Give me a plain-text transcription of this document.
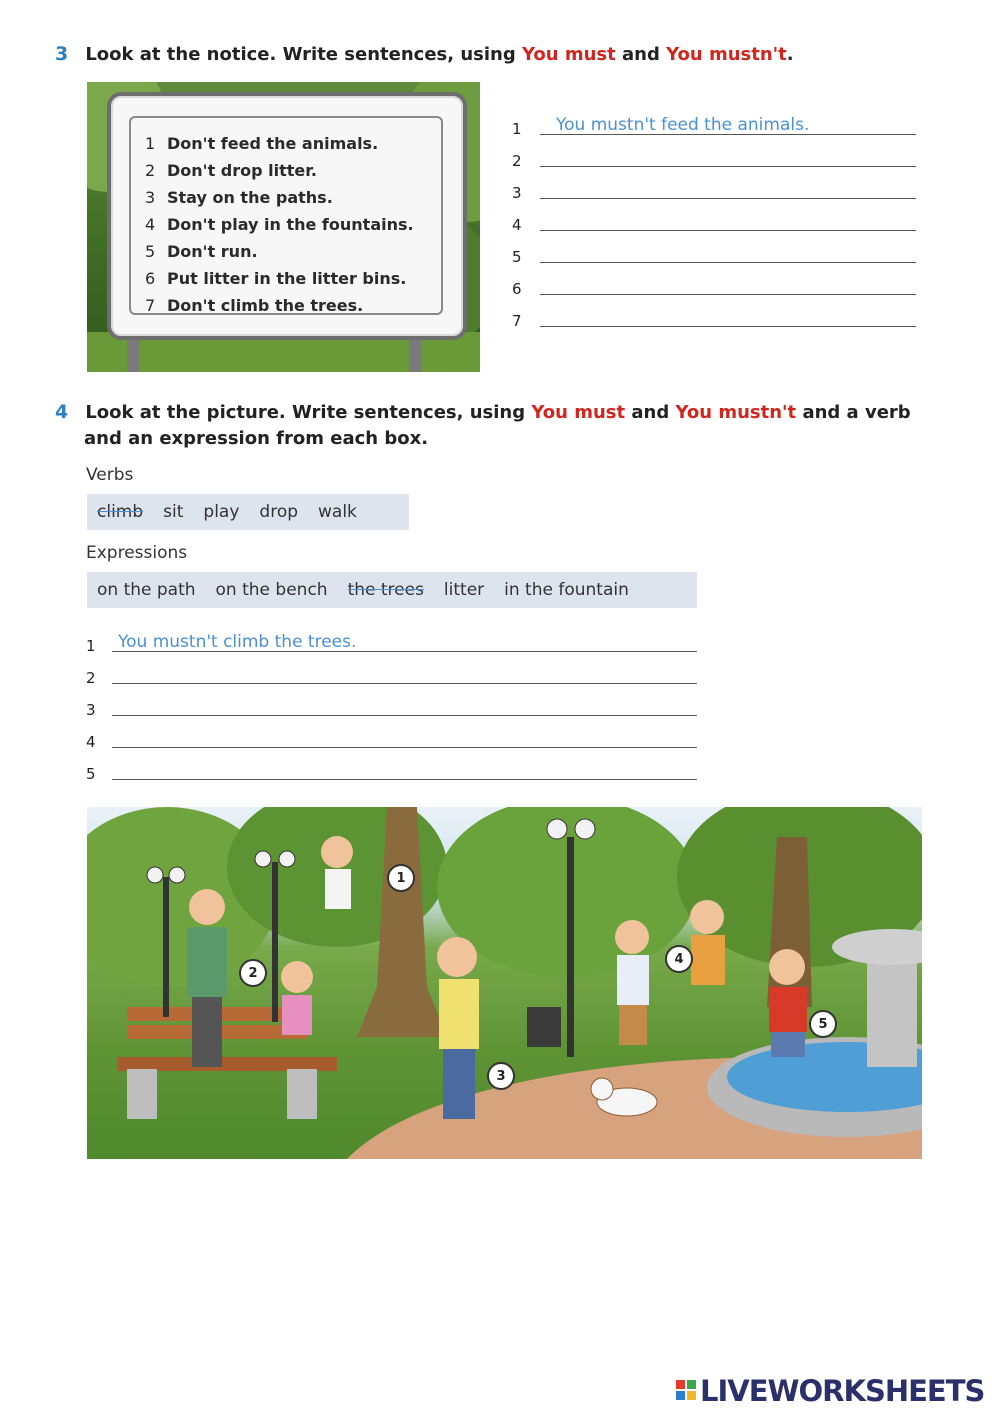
3 Look at the notice. Write sentences, using You must and You mustn't.
1 Don't feed the animals.
2 Don't drop litter.
3 Stay on the paths.
4 Don't play in the fountains.
5 Don't run.
6 Put litter in the litter bins.
7 Don't climb the trees.
1 You mustn't feed the animals.
2
3
4
5
6
7
4 Look at the picture. Write sentences, using You must and You mustn't and a verb
and an expression from each box.
Verbs
climb	sit	play	drop	walk
Expressions
on the path	on the bench	the trees	litter	in the fountain
1 You mustn't climb the trees.
2
3
4
5
1
2
3
4
5
LIVEWORKSHEETS
